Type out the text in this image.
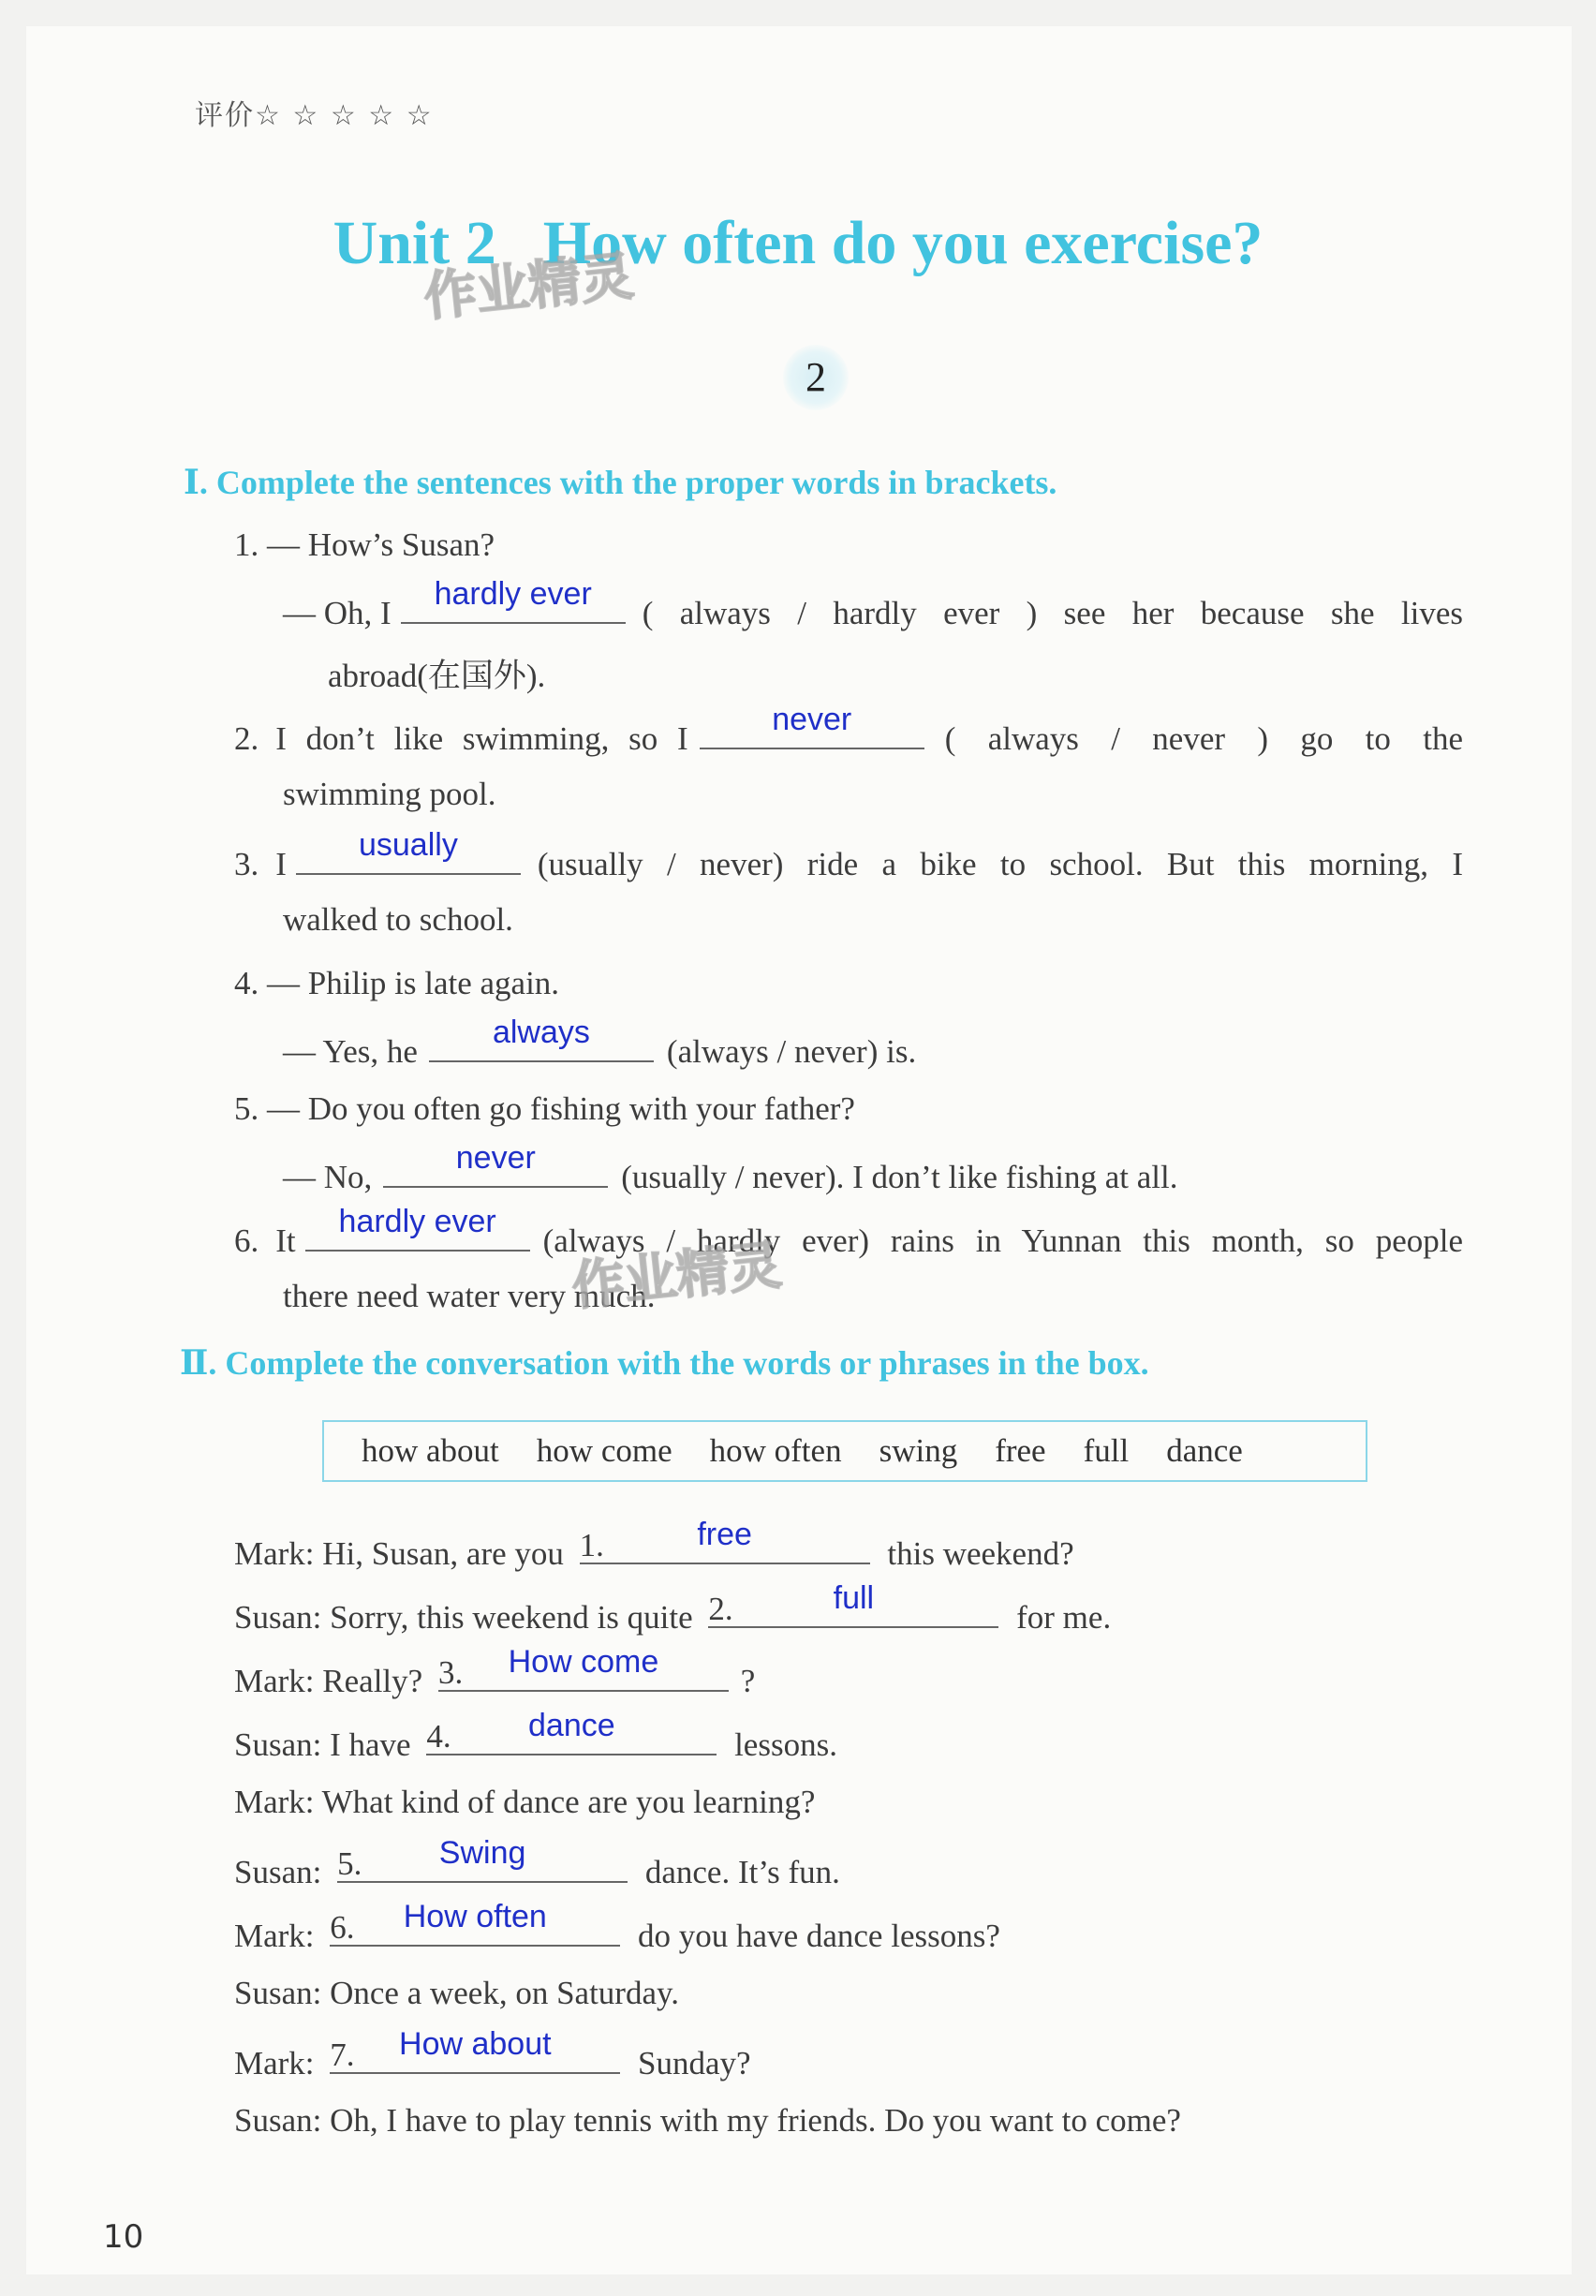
评价☆ ☆ ☆ ☆ ☆
Unit 2 How often do you exercise?
作业精灵
2
Ⅰ. Complete the sentences with the proper words in brackets.
1. — How’s Susan?
— Oh, I
hardly ever
( always / hardly ever ) see her because she lives
abroad(在国外).
2. I don’t like swimming, so I
never
( always / never ) go to the
swimming pool.
3. I
usually
(usually / never) ride a bike to school. But this morning, I
walked to school.
4. — Philip is late again.
— Yes, he
always
(always / never) is.
5. — Do you often go fishing with your father?
— No,
never
(usually / never). I don’t like fishing at all.
6. It
hardly ever
(always / hardly ever) rains in Yunnan this month, so people
there need water very much.
作业精灵
Ⅱ. Complete the conversation with the words or phrases in the box.
how about how come how often swing free full dance
Mark: Hi, Susan, are you 1.	free
this weekend?
Susan: Sorry, this weekend is quite 2.	full
for me.
Mark: Really? 3.	How come
?
Susan: I have 4.	dance
lessons.
Mark: What kind of dance are you learning?
Susan: 5.	Swing
dance. It’s fun.
Mark: 6.	How often
do you have dance lessons?
Susan: Once a week, on Saturday.
Mark: 7.	How about
Sunday?
Susan: Oh, I have to play tennis with my friends. Do you want to come?
10
